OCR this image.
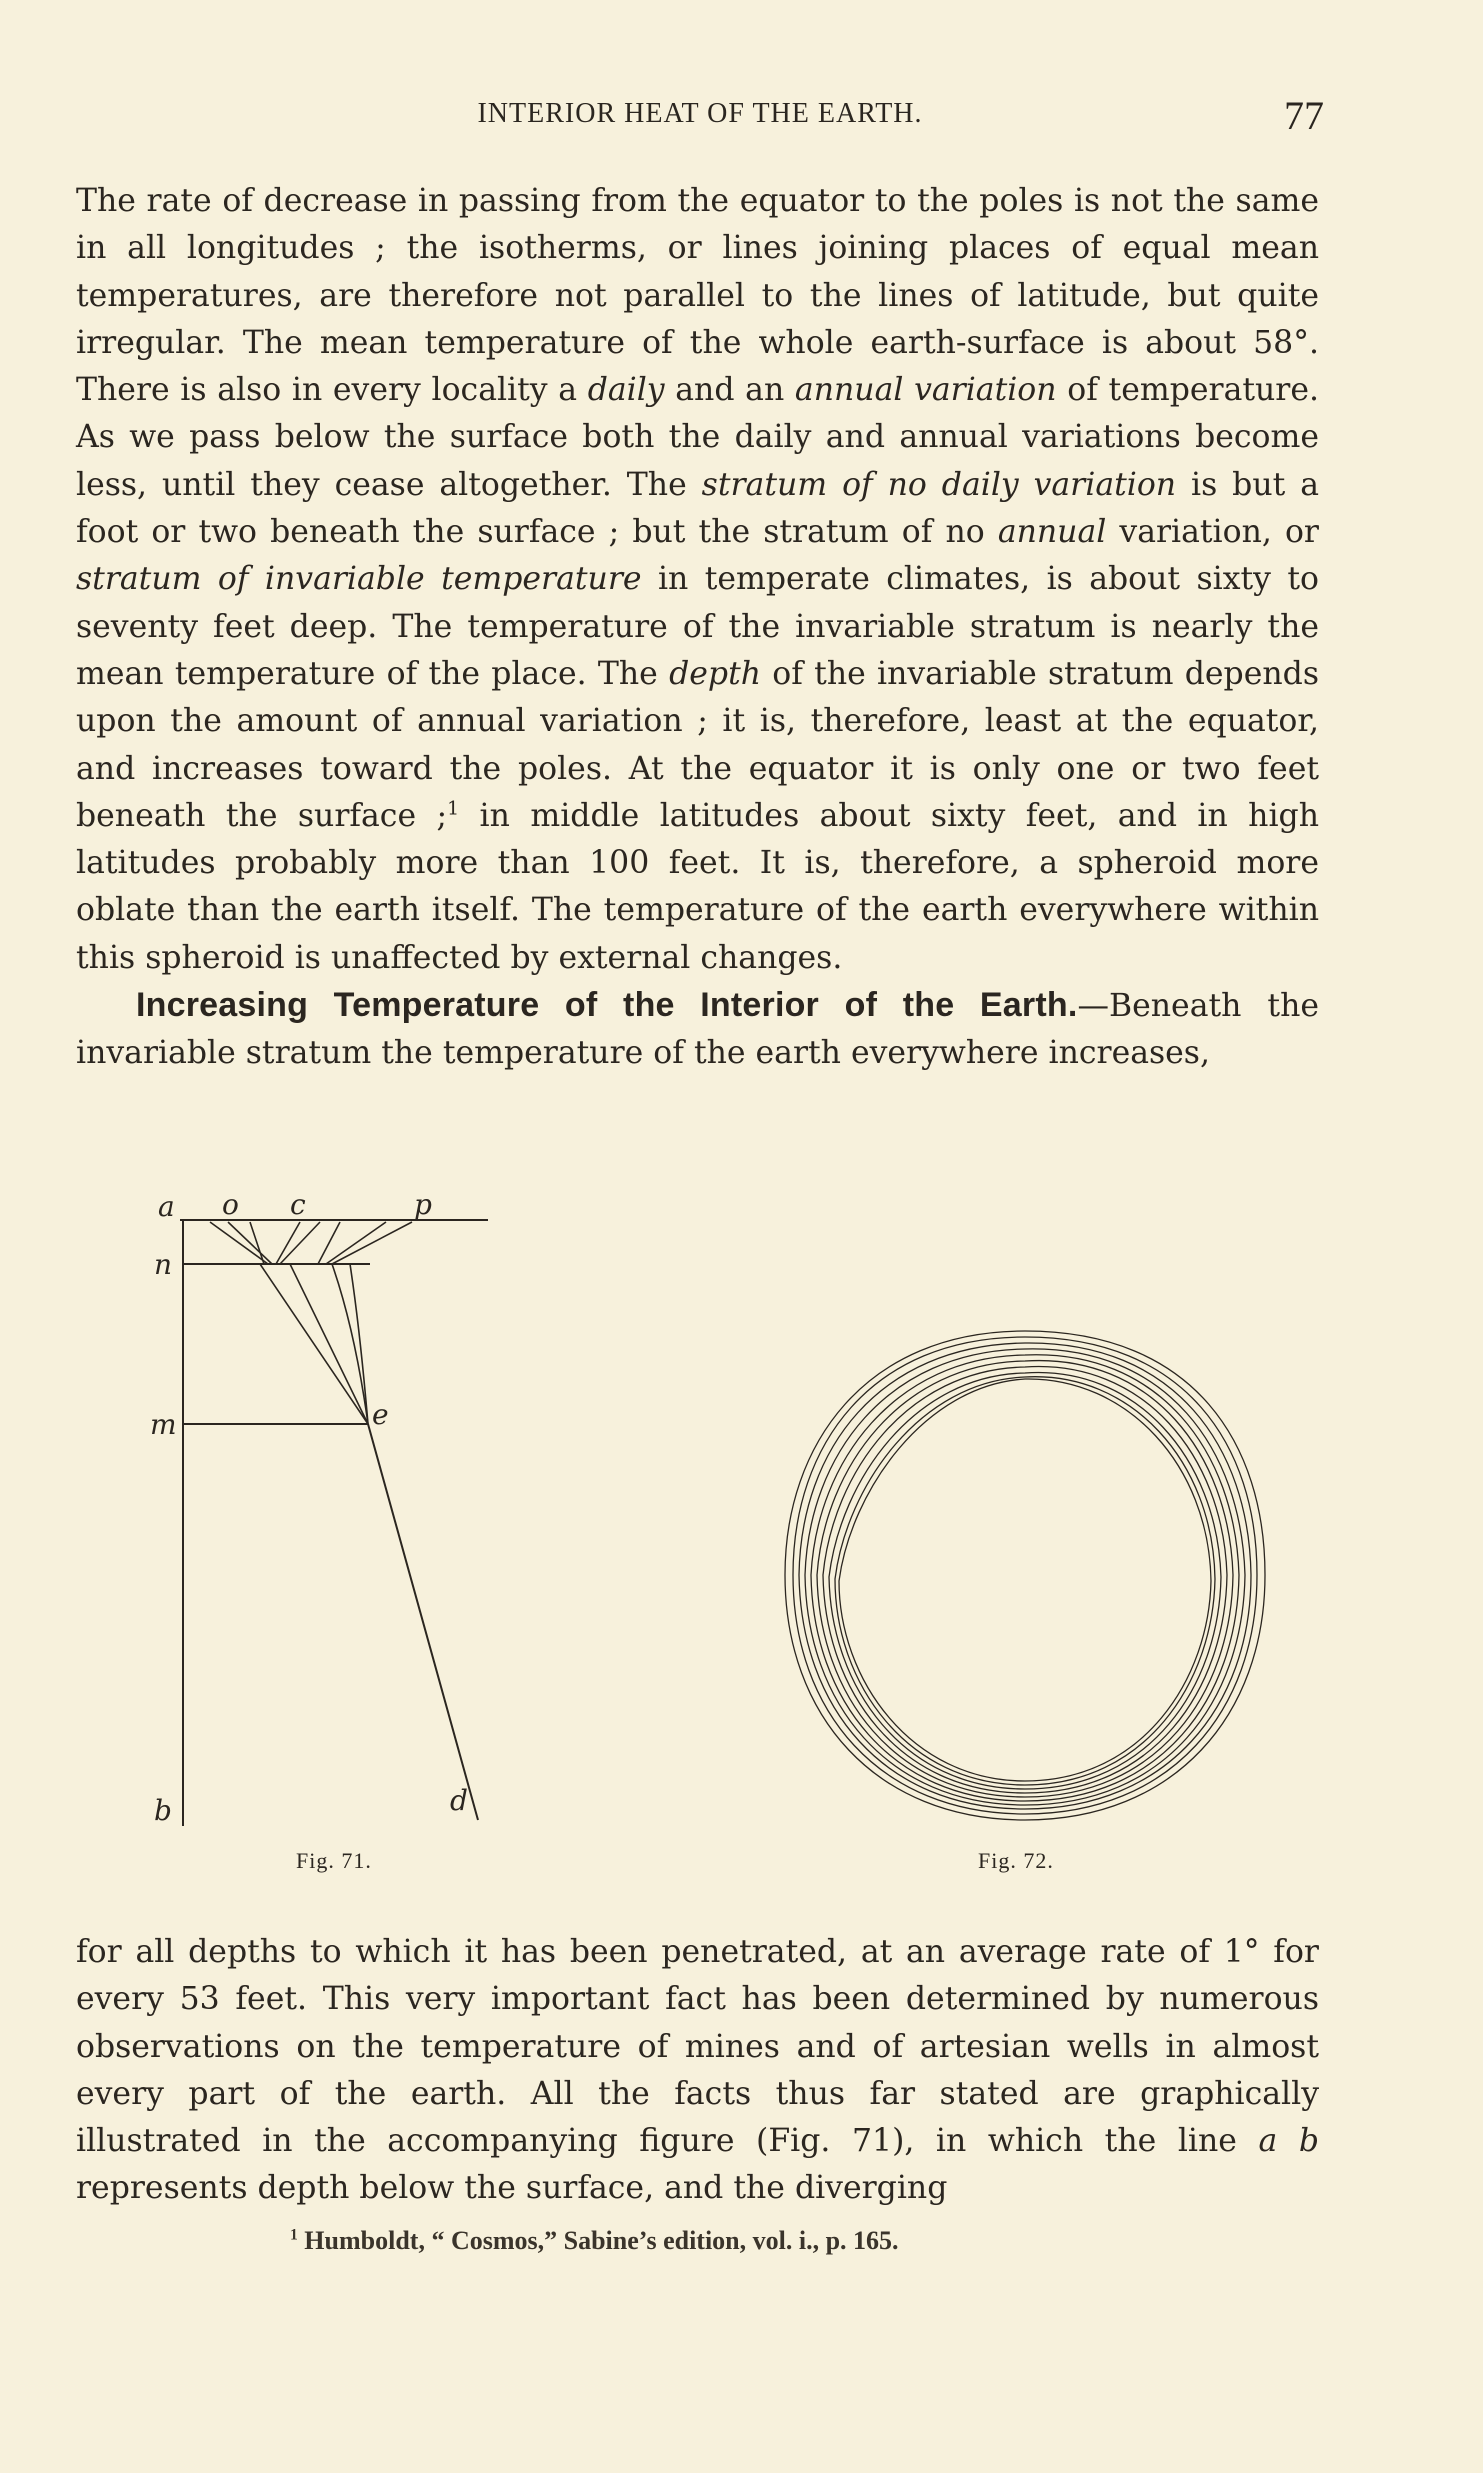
INTERIOR HEAT OF THE EARTH.	77

The rate of decrease in passing from the equator to the poles is not the same in all longitudes ; the isotherms, or lines joining places of equal mean temperatures, are therefore not parallel to the lines of latitude, but quite irregular. The mean temperature of the whole earth-surface is about 58°. There is also in every locality a daily and an annual variation of temperature. As we pass below the surface both the daily and annual variations become less, until they cease altogether. The stratum of no daily variation is but a foot or two beneath the surface ; but the stratum of no annual variation, or stratum of invariable temperature in temperate climates, is about sixty to seventy feet deep. The temperature of the invariable stratum is nearly the mean temperature of the place. The depth of the invariable stratum depends upon the amount of annual variation ; it is, therefore, least at the equator, and increases toward the poles. At the equator it is only one or two feet beneath the surface ;$^1$ in middle latitudes about sixty feet, and in high latitudes probably more than 100 feet. It is, therefore, a spheroid more oblate than the earth itself. The temperature of the earth everywhere within this spheroid is unaffected by external changes.
Increasing Temperature of the Interior of the Earth.—Beneath the invariable stratum the temperature of the earth everywhere increases,

a o c	p
n
m	e
b	d
Fig. 71.	Fig. 72.

for all depths to which it has been penetrated, at an average rate of 1° for every 53 feet. This very important fact has been determined by numerous observations on the temperature of mines and of artesian wells in almost every part of the earth. All the facts thus far stated are graphically illustrated in the accompanying figure (Fig. 71), in which the line a b represents depth below the surface, and the diverging

$^1$ Humboldt, “ Cosmos,” Sabine’s edition, vol. i., p. 165.
